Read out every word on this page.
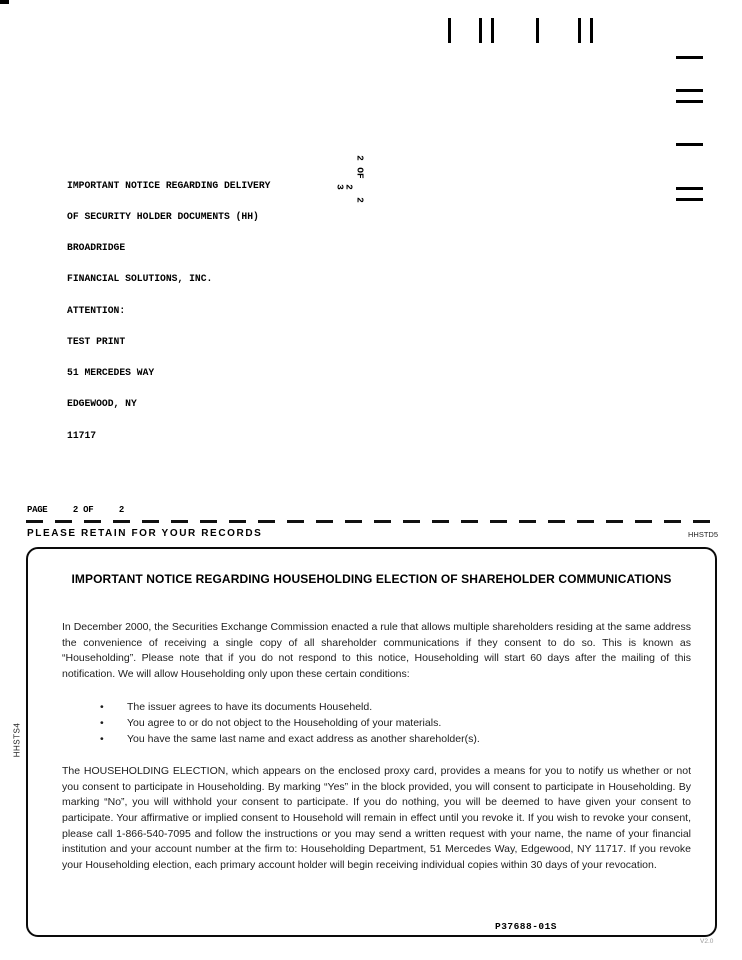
IMPORTANT NOTICE REGARDING DELIVERY

OF SECURITY HOLDER DOCUMENTS (HH)

BROADRIDGE

FINANCIAL SOLUTIONS, INC.

ATTENTION:

TEST PRINT

51 MERCEDES WAY

EDGEWOOD, NY

11717

2
OF
2
3
2
PAGE     2 OF     2
PLEASE RETAIN FOR YOUR RECORDS	HHSTD5
IMPORTANT NOTICE REGARDING HOUSEHOLDING ELECTION OF SHAREHOLDER COMMUNICATIONS

In December 2000, the Securities Exchange Commission enacted a rule that allows multiple shareholders residing at the same address the convenience of receiving a single copy of all shareholder communications if they consent to do so. This is known as “Householding”. Please note that if you do not respond to this notice, Householding will start 60 days after the mailing of this notification. We will allow Householding only upon these certain conditions:

•	The issuer agrees to have its documents Househeld.
•	You agree to or do not object to the Householding of your materials.
•	You have the same last name and exact address as another shareholder(s).

The HOUSEHOLDING ELECTION, which appears on the enclosed proxy card, provides a means for you to notify us whether or not you consent to participate in Householding. By marking “Yes” in the block provided, you will consent to participate in Householding. By marking “No”, you will withhold your consent to participate. If you do nothing, you will be deemed to have given your consent to participate. Your affirmative or implied consent to Household will remain in effect until you revoke it. If you wish to revoke your consent, please call 1-866-540-7095 and follow the instructions or you may send a written request with your name, the name of your financial institution and your account number at the firm to: Householding Department, 51 Mercedes Way, Edgewood, NY 11717. If you revoke your Householding election, each primary account holder will begin receiving individual copies within 30 days of your revocation.

P37688-01S
HHSTS4
V2.0
